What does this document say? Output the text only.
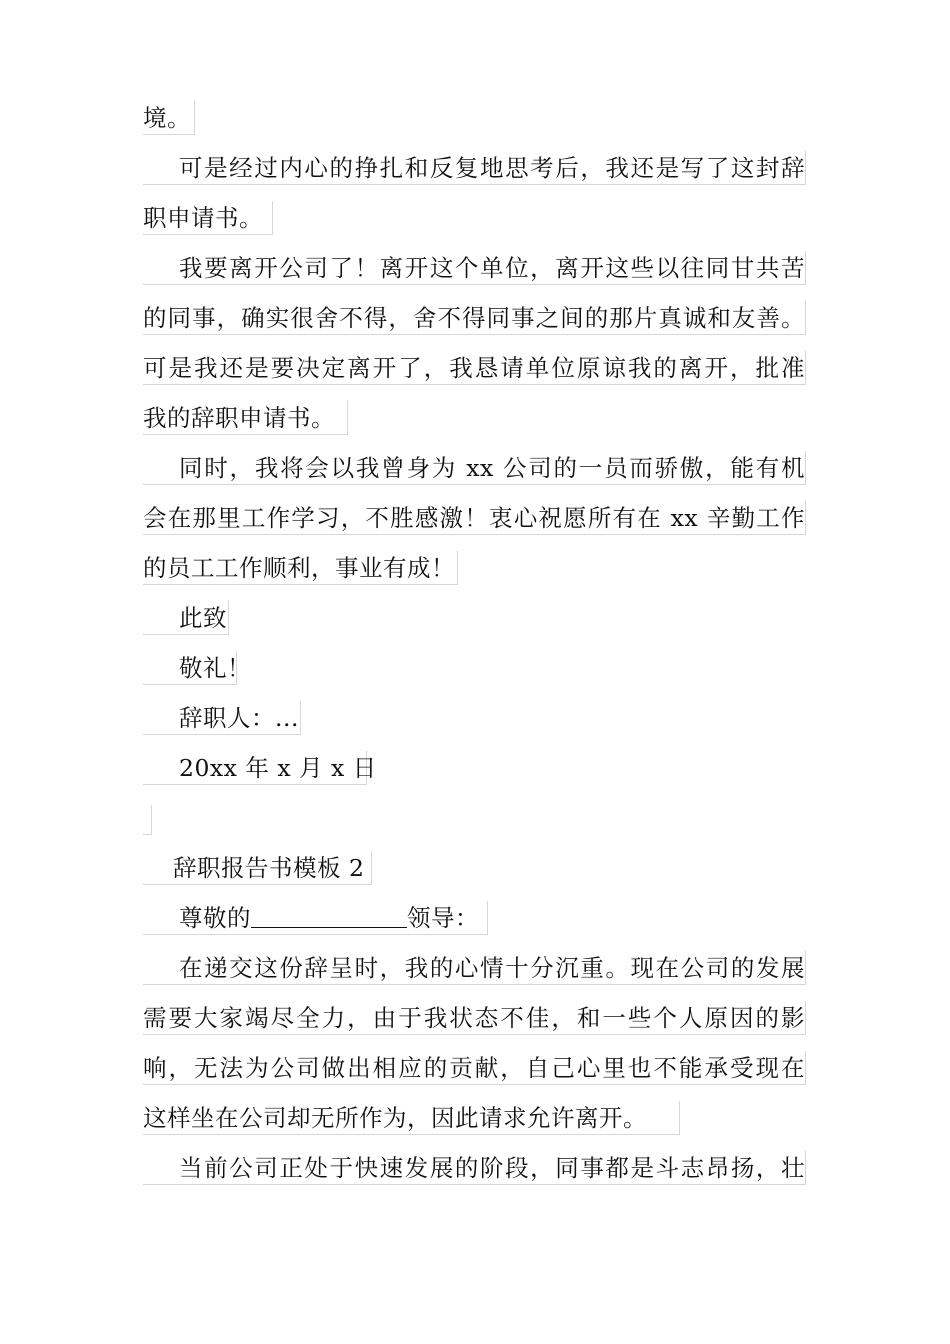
境。
可是经过内心的挣扎和反复地思考后，我还是写了这封辞
职申请书。
我要离开公司了！离开这个单位，离开这些以往同甘共苦
的同事，确实很舍不得，舍不得同事之间的那片真诚和友善。
可是我还是要决定离开了，我恳请单位原谅我的离开，批准
我的辞职申请书。
同时，我将会以我曾身为 xx 公司的一员而骄傲，能有机
会在那里工作学习，不胜感激！衷心祝愿所有在 xx 辛勤工作
的员工工作顺利，事业有成！
此致
敬礼！
辞职人：...
20xx 年 x 月 x 日
辞职报告书模板 2
尊敬的	领导：
在递交这份辞呈时，我的心情十分沉重。现在公司的发展
需要大家竭尽全力，由于我状态不佳，和一些个人原因的影
响，无法为公司做出相应的贡献，自己心里也不能承受现在
这样坐在公司却无所作为，因此请求允许离开。
当前公司正处于快速发展的阶段，同事都是斗志昂扬，壮
